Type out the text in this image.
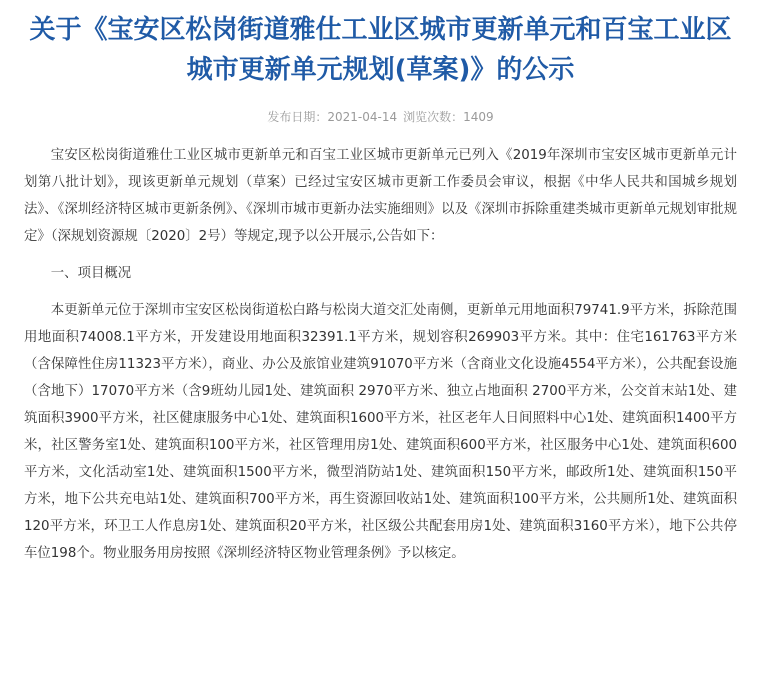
关于《宝安区松岗街道雅仕工业区城市更新单元和百宝工业区城市更新单元规划(草案)》的公示
发布日期：2021-04-14 浏览次数：1409

宝安区松岗街道雅仕工业区城市更新单元和百宝工业区城市更新单元已列入《2019年深圳市宝安区城市更新单元计划第八批计划》，现该更新单元规划（草案）已经过宝安区城市更新工作委员会审议，根据《中华人民共和国城乡规划法》、《深圳经济特区城市更新条例》、《深圳市城市更新办法实施细则》以及《深圳市拆除重建类城市更新单元规划审批规定》（深规划资源规〔2020〕2号）等规定,现予以公开展示,公告如下：

一、项目概况

本更新单元位于深圳市宝安区松岗街道松白路与松岗大道交汇处南侧，更新单元用地面积79741.9平方米，拆除范围用地面积74008.1平方米，开发建设用地面积32391.1平方米，规划容积269903平方米。其中：住宅161763平方米（含保障性住房11323平方米），商业、办公及旅馆业建筑91070平方米（含商业文化设施4554平方米），公共配套设施（含地下）17070平方米（含9班幼儿园1处、建筑面积 2970平方米、独立占地面积 2700平方米，公交首末站1处、建筑面积3900平方米，社区健康服务中心1处、建筑面积1600平方米，社区老年人日间照料中心1处、建筑面积1400平方米，社区警务室1处、建筑面积100平方米，社区管理用房1处、建筑面积600平方米，社区服务中心1处、建筑面积600平方米，文化活动室1处、建筑面积1500平方米，微型消防站1处、建筑面积150平方米，邮政所1处、建筑面积150平方米，地下公共充电站1处、建筑面积700平方米，再生资源回收站1处、建筑面积100平方米，公共厕所1处、建筑面积120平方米，环卫工人作息房1处、建筑面积20平方米，社区级公共配套用房1处、建筑面积3160平方米），地下公共停车位198个。物业服务用房按照《深圳经济特区物业管理条例》予以核定。
